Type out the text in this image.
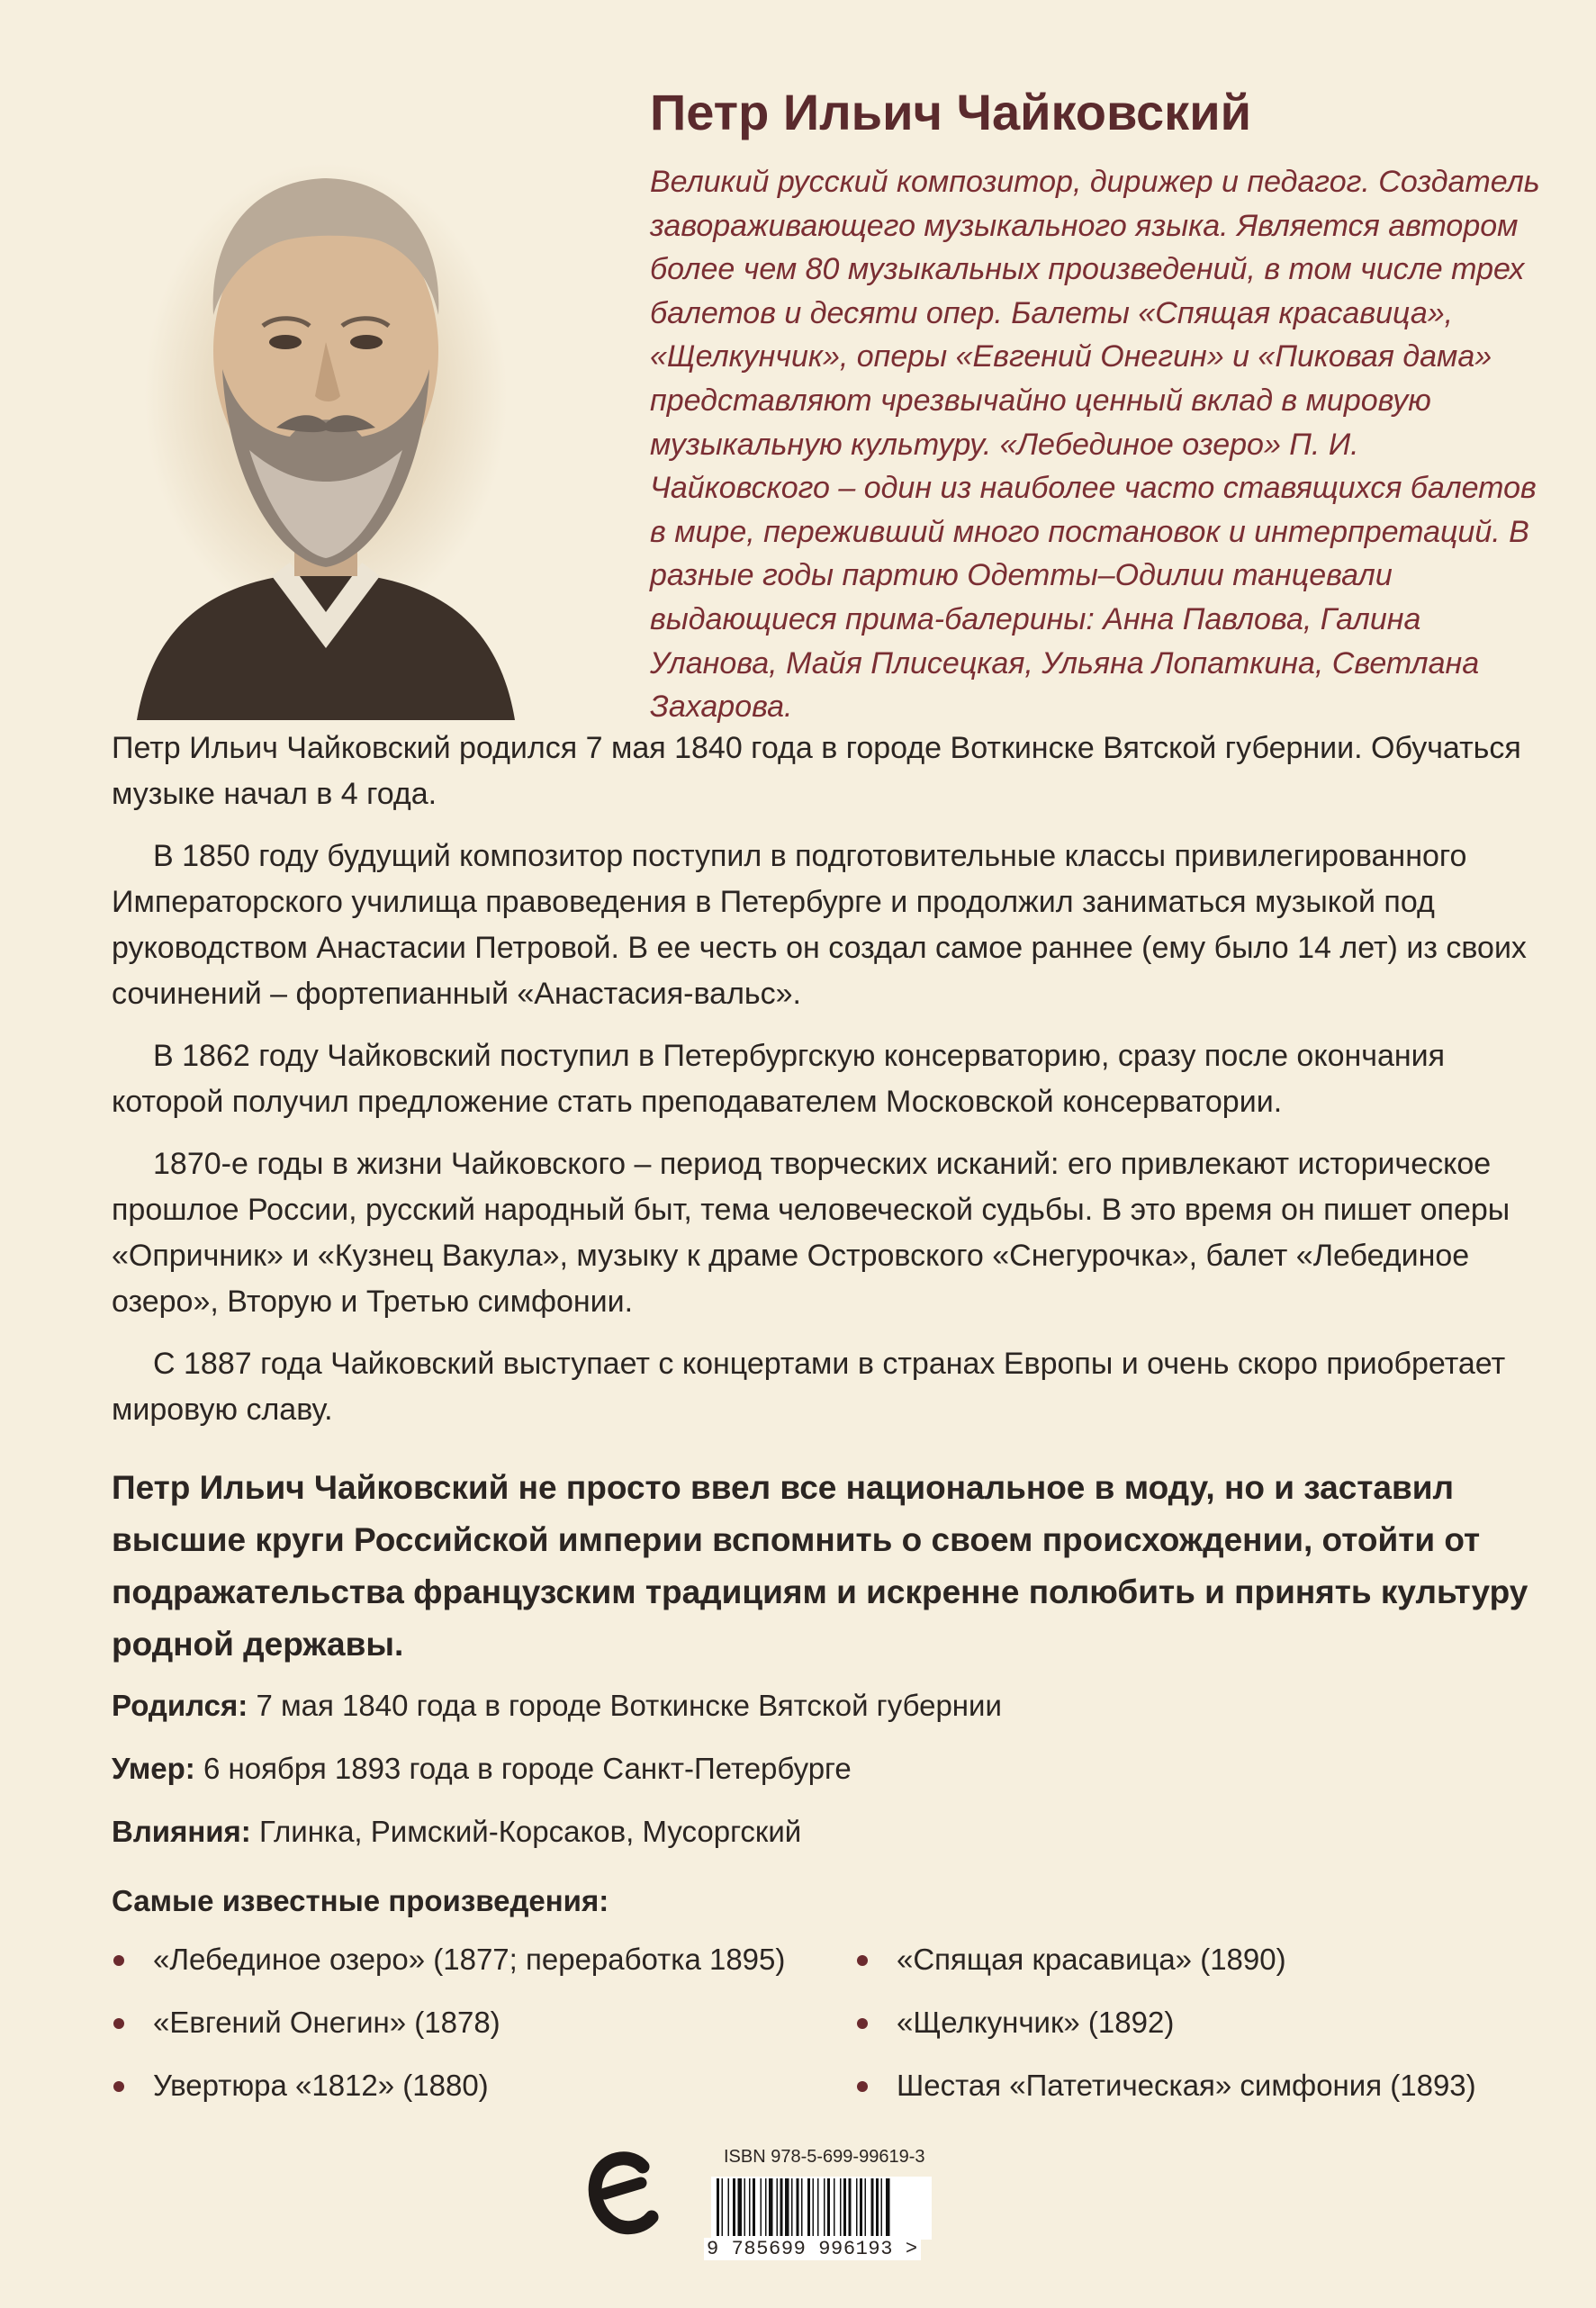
Петр Ильич Чайковский

Великий русский композитор, дирижер и педагог. Создатель завораживающего музыкального языка. Является автором более чем 80 музыкальных произведений, в том числе трех балетов и десяти опер. Балеты «Спящая красавица», «Щелкунчик», оперы «Евгений Онегин» и «Пиковая дама» представляют чрезвычайно ценный вклад в мировую музыкальную культуру. «Лебединое озеро» П. И. Чайковского – один из наиболее часто ставящихся балетов в мире, переживший много постановок и интерпретаций. В разные годы партию Одетты–Одилии танцевали выдающиеся прима-балерины: Анна Павлова, Галина Уланова, Майя Плисецкая, Ульяна Лопаткина, Светлана Захарова.

Петр Ильич Чайковский родился 7 мая 1840 года в городе Воткинске Вятской губернии. Обучаться музыке начал в 4 года.

В 1850 году будущий композитор поступил в подготовительные классы привилегированного Императорского училища правоведения в Петербурге и продолжил заниматься музыкой под руководством Анастасии Петровой. В ее честь он создал самое раннее (ему было 14 лет) из своих сочинений – фортепианный «Анастасия-вальс».

В 1862 году Чайковский поступил в Петербургскую консерваторию, сразу после окончания которой получил предложение стать преподавателем Московской консерватории.

1870-е годы в жизни Чайковского – период творческих исканий: его привлекают историческое прошлое России, русский народный быт, тема человеческой судьбы. В это время он пишет оперы «Опричник» и «Кузнец Вакула», музыку к драме Островского «Снегурочка», балет «Лебединое озеро», Вторую и Третью симфонии.

С 1887 года Чайковский выступает с концертами в странах Европы и очень скоро приобретает мировую славу.

Петр Ильич Чайковский не просто ввел все национальное в моду, но и заставил высшие круги Российской империи вспомнить о своем происхождении, отойти от подражательства французским традициям и искренне полюбить и принять культуру родной державы.

Родился: 7 мая 1840 года в городе Воткинске Вятской губернии
Умер: 6 ноября 1893 года в городе Санкт-Петербурге
Влияния: Глинка, Римский-Корсаков, Мусоргский
Самые известные произведения:
«Лебединое озеро» (1877; переработка 1895)
«Евгений Онегин» (1878)
Увертюра «1812» (1880)
«Спящая красавица» (1890)
«Щелкунчик» (1892)
Шестая «Патетическая» симфония (1893)
ISBN 978-5-699-99619-3
9 785699 996193 >
